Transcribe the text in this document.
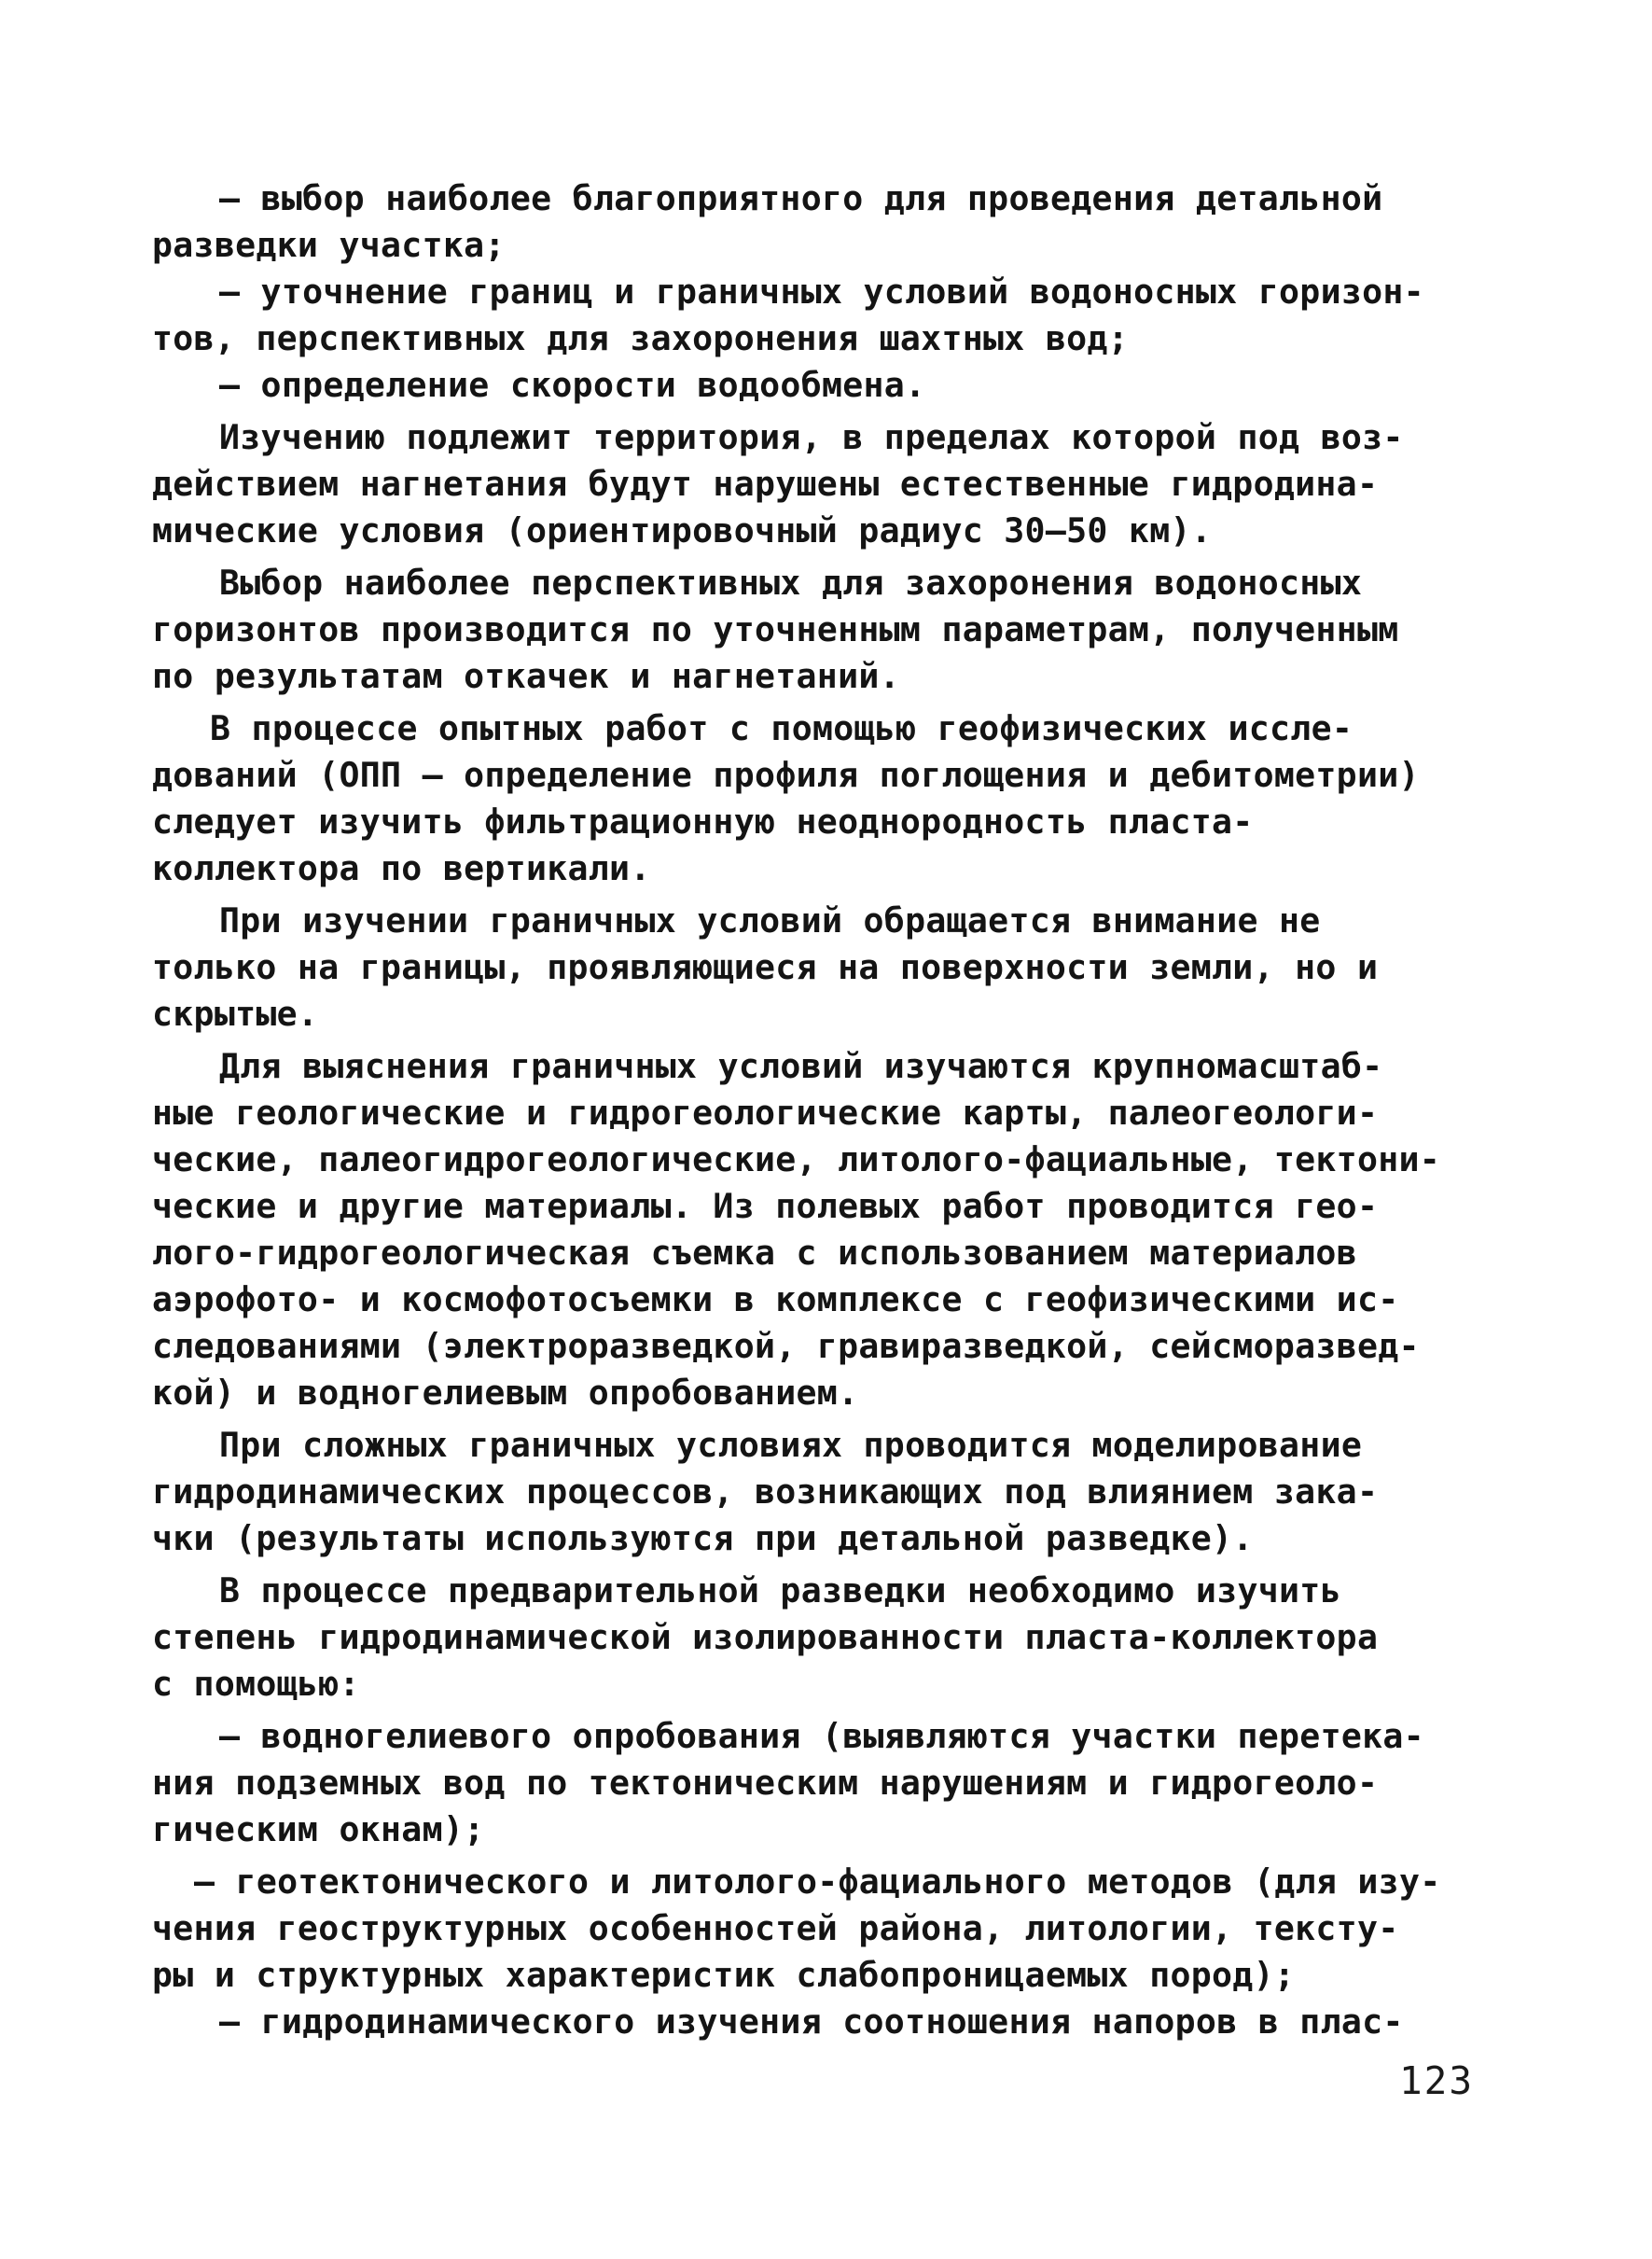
– выбор наиболее благоприятного для проведения детальной
разведки участка;
– уточнение границ и граничных условий водоносных горизон-
тов, перспективных для захоронения шахтных вод;
– определение скорости водообмена.
Изучению подлежит территория, в пределах которой под воз-
действием нагнетания будут нарушены естественные гидродина-
мические условия (ориентировочный радиус 30–50 км).
Выбор наиболее перспективных для захоронения водоносных
горизонтов производится по уточненным параметрам, полученным
по результатам откачек и нагнетаний.
В процессе опытных работ с помощью геофизических иссле-
дований (ОПП – определение профиля поглощения и дебитометрии)
следует изучить фильтрационную неоднородность пласта-
коллектора по вертикали.
При изучении граничных условий обращается внимание не
только на границы, проявляющиеся на поверхности земли, но и
скрытые.
Для выяснения граничных условий изучаются крупномасштаб-
ные геологические и гидрогеологические карты, палеогеологи-
ческие, палеогидрогеологические, литолого-фациальные, тектони-
ческие и другие материалы. Из полевых работ проводится гео-
лого-гидрогеологическая съемка с использованием материалов
аэрофото- и космофотосъемки в комплексе с геофизическими ис-
следованиями (электроразведкой, гравиразведкой, сейсморазвед-
кой) и водногелиевым опробованием.
При сложных граничных условиях проводится моделирование
гидродинамических процессов, возникающих под влиянием зака-
чки (результаты используются при детальной разведке).
В процессе предварительной разведки необходимо изучить
степень гидродинамической изолированности пласта-коллектора
с помощью:
– водногелиевого опробования (выявляются участки перетека-
ния подземных вод по тектоническим нарушениям и гидрогеоло-
гическим окнам);
– геотектонического и литолого-фациального методов (для изу-
чения геоструктурных особенностей района, литологии, тексту-
ры и структурных характеристик слабопроницаемых пород);
– гидродинамического изучения соотношения напоров в плас-
123
